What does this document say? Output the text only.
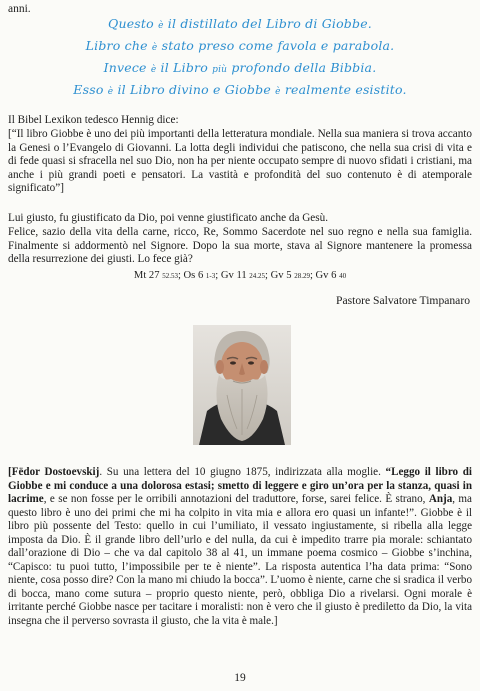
anni.
Questo è il distillato del Libro di Giobbe.
Libro che è stato preso come favola e parabola.
Invece è il Libro più profondo della Bibbia.
Esso è il Libro divino e Giobbe è realmente esistito.
Il Bibel Lexikon tedesco Hennig dice:
[“Il libro Giobbe è uno dei più importanti della letteratura mondiale. Nella sua maniera si trova accanto la Genesi o l’Evangelo di Giovanni. La lotta degli individui che patiscono, che nella sua crisi di vita e di fede quasi si sfracella nel suo Dio, non ha per niente occupato sempre di nuovo sfidati i cristiani, ma anche i più grandi poeti e pensatori. La vastità e profondità del suo contenuto è di atemporale significato”]
Lui giusto, fu giustificato da Dio, poi venne giustificato anche da Gesù.
Felice, sazio della vita della carne, ricco, Re, Sommo Sacerdote nel suo regno e nella sua famiglia. Finalmente si addormentò nel Signore. Dopo la sua morte, stava al Signore mantenere la promessa della resurrezione dei giusti. Lo fece già?
Mt 27 52.53; Os 6 1-3; Gv 11 24.25; Gv 5 28.29; Gv 6 40
Pastore Salvatore Timpanaro
[Fëdor Dostoevskij. Su una lettera del 10 giugno 1875, indirizzata alla moglie. “Leggo il libro di Giobbe e mi conduce a una dolorosa estasi; smetto di leggere e giro un’ora per la stanza, quasi in lacrime, e se non fosse per le orribili annotazioni del traduttore, forse, sarei felice. È strano, Anja, ma questo libro è uno dei primi che mi ha colpito in vita mia e allora ero quasi un infante!”. Giobbe è il libro più possente del Testo: quello in cui l’umiliato, il vessato ingiustamente, si ribella alla legge imposta da Dio. È il grande libro dell’urlo e del nulla, da cui è impedito trarre pia morale: schiantato dall’orazione di Dio – che va dal capitolo 38 al 41, un immane poema cosmico – Giobbe s’inchina, “Capisco: tu puoi tutto, l’impossibile per te è niente”. La risposta autentica l’ha data prima: “Sono niente, cosa posso dire? Con la mano mi chiudo la bocca”. L’uomo è niente, carne che si sradica il verbo di bocca, mano come sutura – proprio questo niente, però, obbliga Dio a rivelarsi. Ogni morale è irritante perché Giobbe nasce per tacitare i moralisti: non è vero che il giusto è prediletto da Dio, la vita insegna che il perverso sovrasta il giusto, che la vita è male.]
19
